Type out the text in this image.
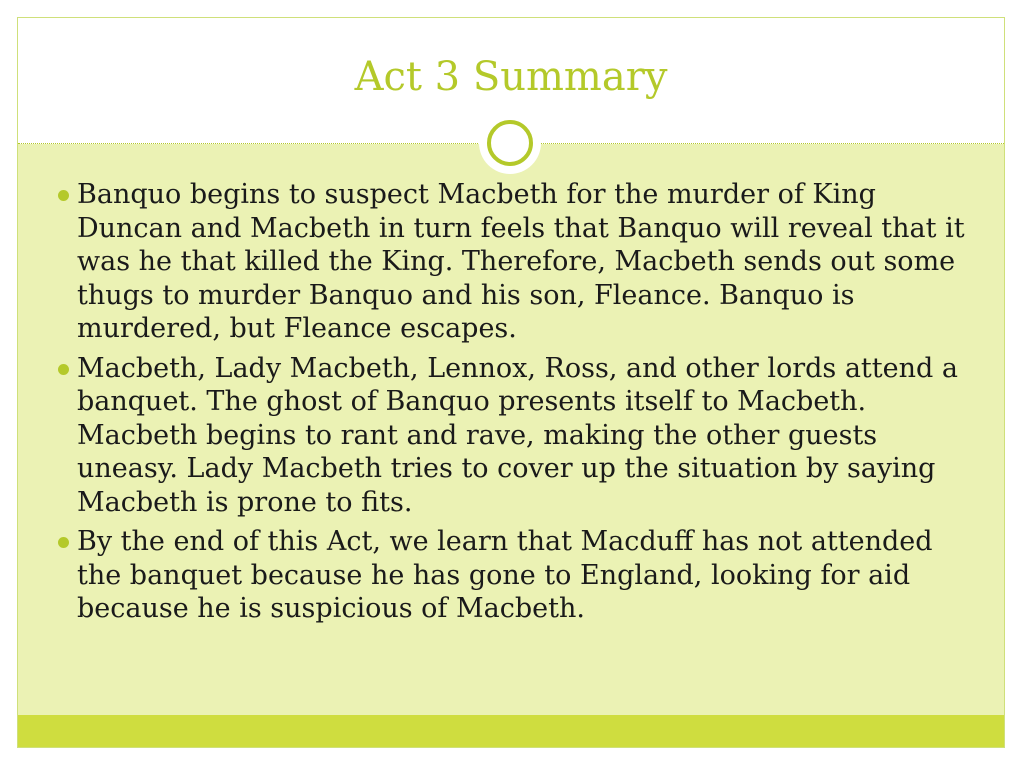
Act 3 Summary
Banquo begins to suspect Macbeth for the murder of King Duncan and Macbeth in turn feels that Banquo will reveal that it was he that killed the King. Therefore, Macbeth sends out some thugs to murder Banquo and his son, Fleance. Banquo is murdered, but Fleance escapes.
Macbeth, Lady Macbeth, Lennox, Ross, and other lords attend a banquet. The ghost of Banquo presents itself to Macbeth. Macbeth begins to rant and rave, making the other guests uneasy. Lady Macbeth tries to cover up the situation by saying Macbeth is prone to fits.
By the end of this Act, we learn that Macduff has not attended the banquet because he has gone to England, looking for aid because he is suspicious of Macbeth.
